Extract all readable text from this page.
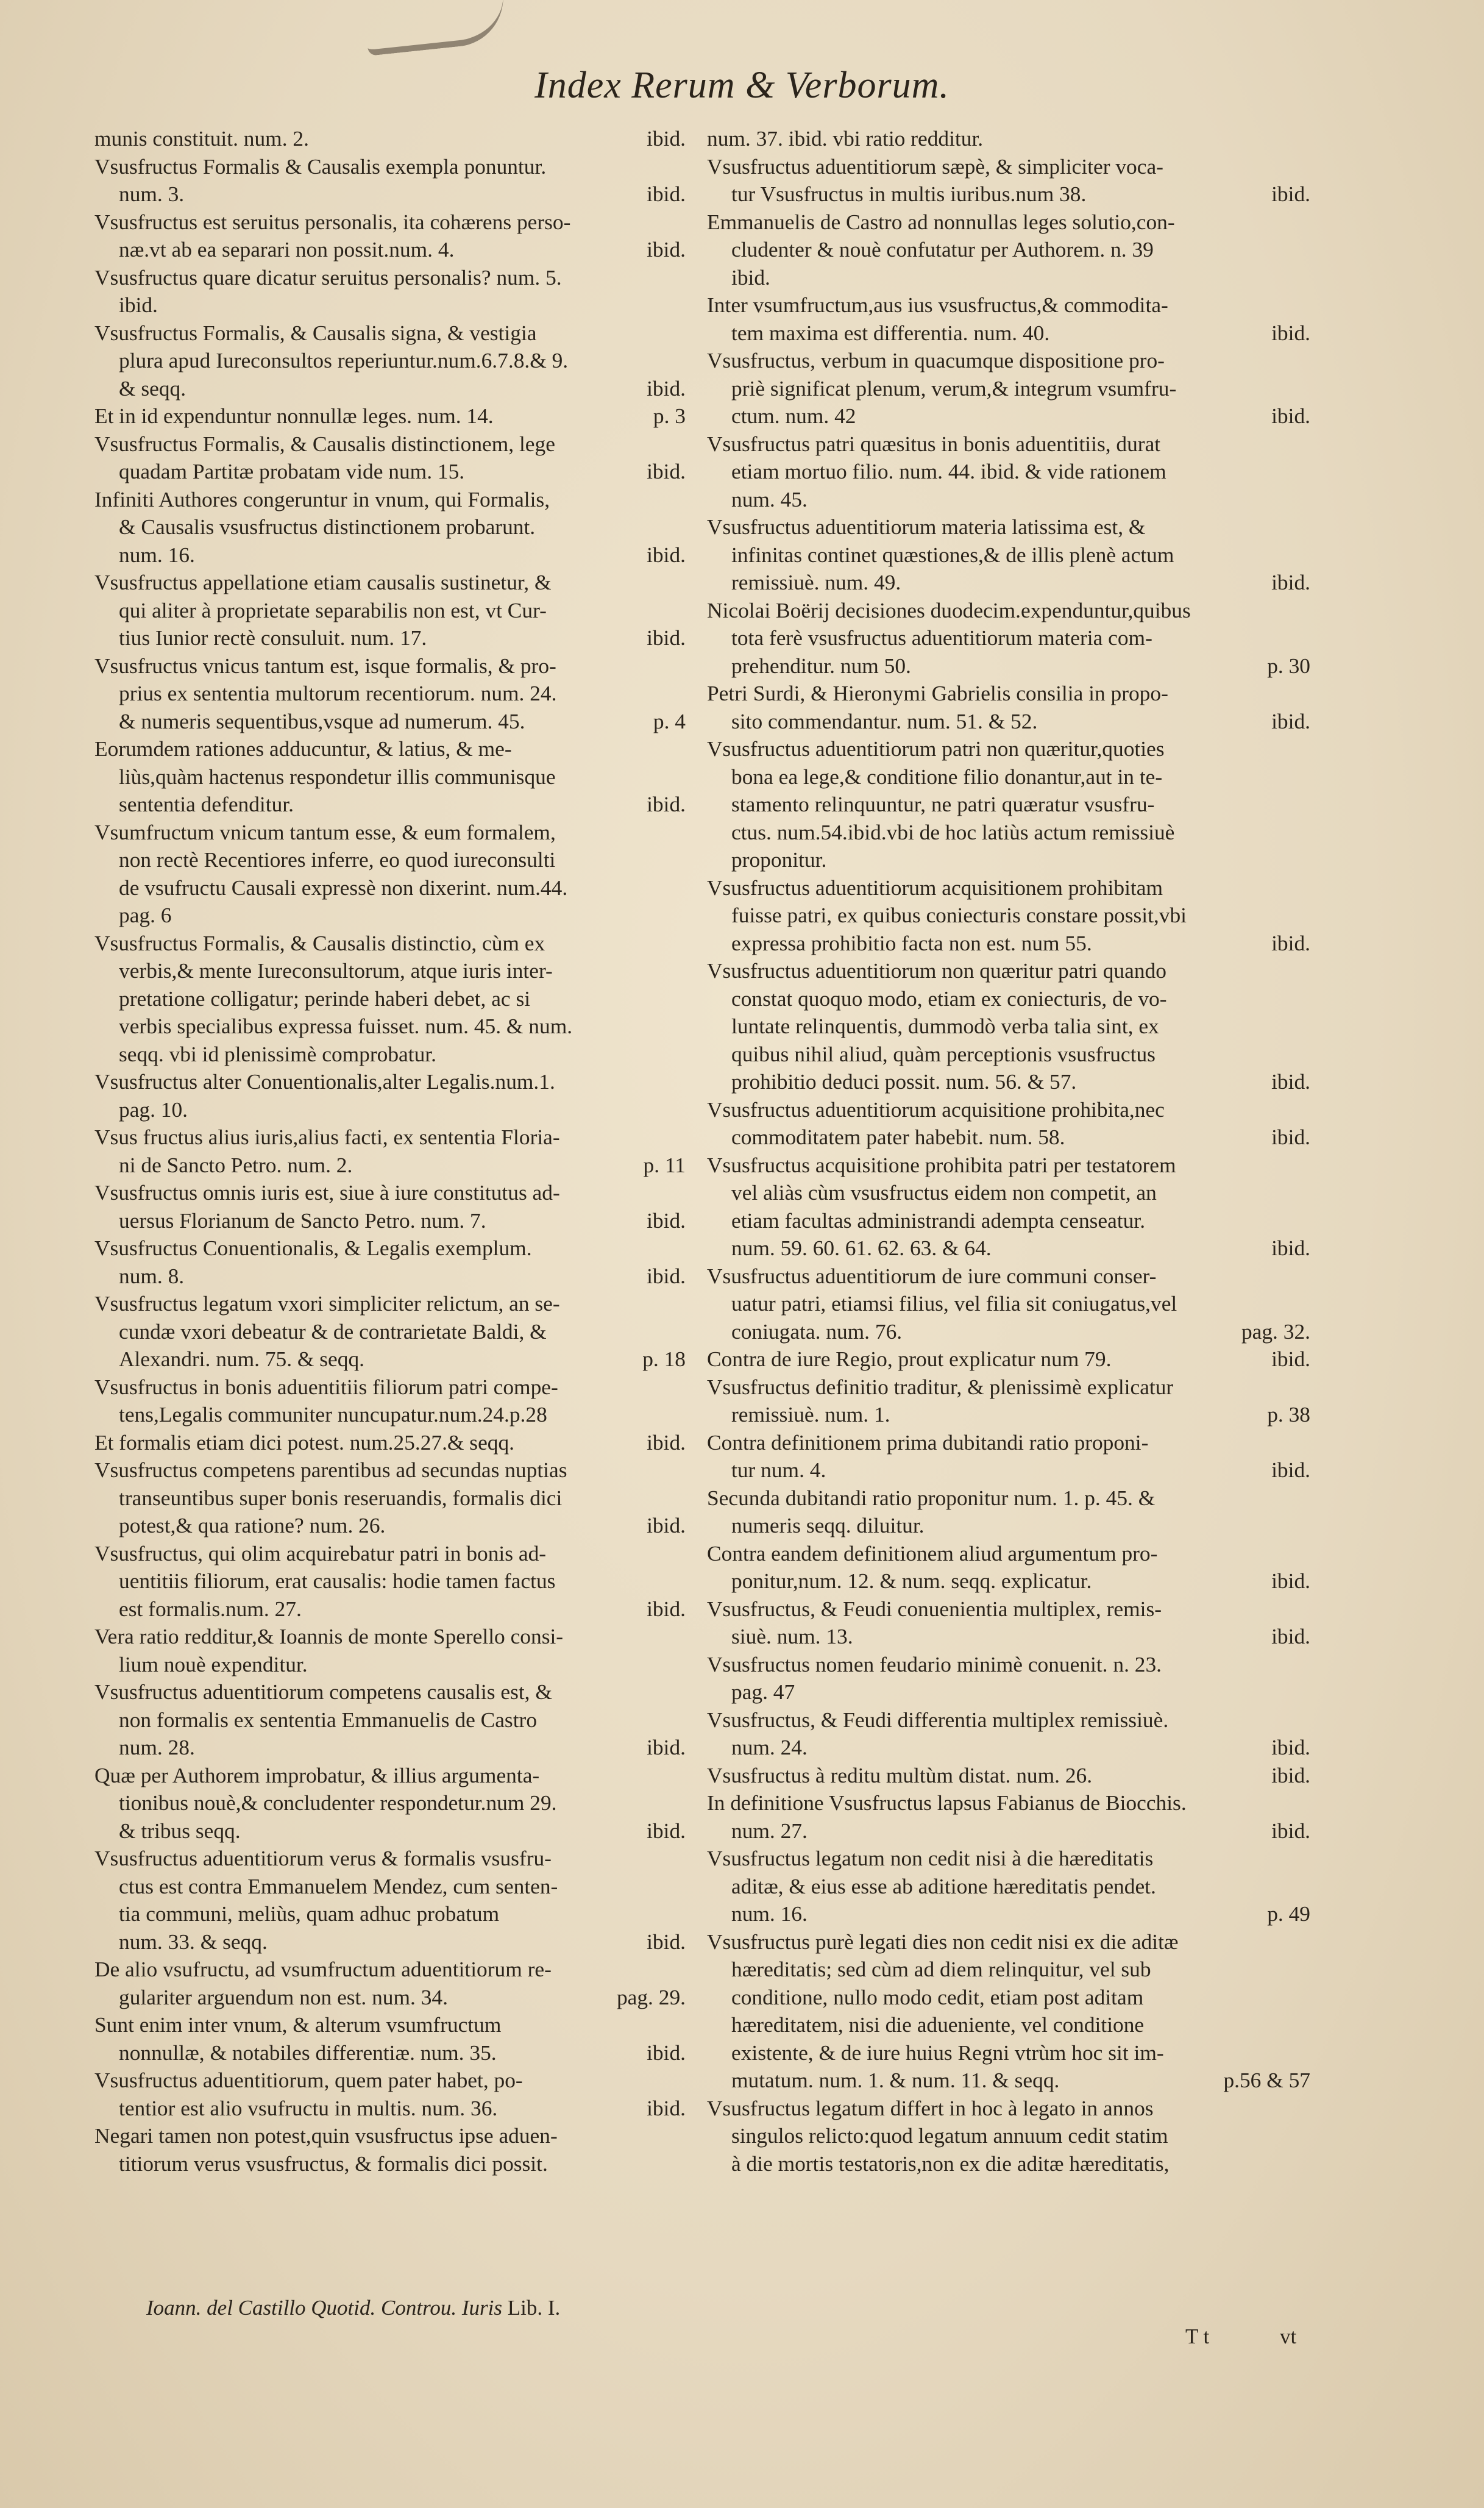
Index Rerum & Verborum.
munis constituit. num. 2.	ibid.
Vsusfructus Formalis & Causalis exempla ponuntur.
num. 3.	ibid.
Vsusfructus est seruitus personalis, ita cohærens perso-
næ.vt ab ea separari non possit.num. 4.	ibid.
Vsusfructus quare dicatur seruitus personalis? num. 5.
ibid.
Vsusfructus Formalis, & Causalis signa, & vestigia
plura apud Iureconsultos reperiuntur.num.6.7.8.& 9.
& seqq.	ibid.
Et in id expenduntur nonnullæ leges. num. 14.	p. 3
Vsusfructus Formalis, & Causalis distinctionem, lege
quadam Partitæ probatam vide num. 15.	ibid.
Infiniti Authores congeruntur in vnum, qui Formalis,
& Causalis vsusfructus distinctionem probarunt.
num. 16.	ibid.
Vsusfructus appellatione etiam causalis sustinetur, &
qui aliter à proprietate separabilis non est, vt Cur-
tius Iunior rectè consuluit. num. 17.	ibid.
Vsusfructus vnicus tantum est, isque formalis, & pro-
prius ex sententia multorum recentiorum. num. 24.
& numeris sequentibus,vsque ad numerum. 45.	p. 4
Eorumdem rationes adducuntur, & latius, & me-
liùs,quàm hactenus respondetur illis communisque
sententia defenditur.	ibid.
Vsumfructum vnicum tantum esse, & eum formalem,
non rectè Recentiores inferre, eo quod iureconsulti
de vsufructu Causali expressè non dixerint. num.44.
pag. 6
Vsusfructus Formalis, & Causalis distinctio, cùm ex
verbis,& mente Iureconsultorum, atque iuris inter-
pretatione colligatur; perinde haberi debet, ac si
verbis specialibus expressa fuisset. num. 45. & num.
seqq. vbi id plenissimè comprobatur.
Vsusfructus alter Conuentionalis,alter Legalis.num.1.
pag. 10.
Vsus fructus alius iuris,alius facti, ex sententia Floria-
ni de Sancto Petro. num. 2.	p. 11
Vsusfructus omnis iuris est, siue à iure constitutus ad-
uersus Florianum de Sancto Petro. num. 7.	ibid.
Vsusfructus Conuentionalis, & Legalis exemplum.
num. 8.	ibid.
Vsusfructus legatum vxori simpliciter relictum, an se-
cundæ vxori debeatur & de contrarietate Baldi, &
Alexandri. num. 75. & seqq.	p. 18
Vsusfructus in bonis aduentitiis filiorum patri compe-
tens,Legalis communiter nuncupatur.num.24.p.28
Et formalis etiam dici potest. num.25.27.& seqq.	ibid.
Vsusfructus competens parentibus ad secundas nuptias
transeuntibus super bonis reseruandis, formalis dici
potest,& qua ratione? num. 26.	ibid.
Vsusfructus, qui olim acquirebatur patri in bonis ad-
uentitiis filiorum, erat causalis: hodie tamen factus
est formalis.num. 27.	ibid.
Vera ratio redditur,& Ioannis de monte Sperello consi-
lium nouè expenditur.
Vsusfructus aduentitiorum competens causalis est, &
non formalis ex sententia Emmanuelis de Castro
num. 28.	ibid.
Quæ per Authorem improbatur, & illius argumenta-
tionibus nouè,& concludenter respondetur.num 29.
& tribus seqq.	ibid.
Vsusfructus aduentitiorum verus & formalis vsusfru-
ctus est contra Emmanuelem Mendez, cum senten-
tia communi, meliùs, quam adhuc probatum
num. 33. & seqq.	ibid.
De alio vsufructu, ad vsumfructum aduentitiorum re-
gulariter arguendum non est. num. 34.	pag. 29.
Sunt enim inter vnum, & alterum vsumfructum
nonnullæ, & notabiles differentiæ. num. 35.	ibid.
Vsusfructus aduentitiorum, quem pater habet, po-
tentior est alio vsufructu in multis. num. 36.	ibid.
Negari tamen non potest,quin vsusfructus ipse aduen-
titiorum verus vsusfructus, & formalis dici possit.
num. 37. ibid. vbi ratio redditur.
Vsusfructus aduentitiorum sæpè, & simpliciter voca-
tur Vsusfructus in multis iuribus.num 38.	ibid.
Emmanuelis de Castro ad nonnullas leges solutio,con-
cludenter & nouè confutatur per Authorem. n. 39
ibid.
Inter vsumfructum,aus ius vsusfructus,& commodita-
tem maxima est differentia. num. 40.	ibid.
Vsusfructus, verbum in quacumque dispositione pro-
priè significat plenum, verum,& integrum vsumfru-
ctum. num. 42	ibid.
Vsusfructus patri quæsitus in bonis aduentitiis, durat
etiam mortuo filio. num. 44. ibid. & vide rationem
num. 45.
Vsusfructus aduentitiorum materia latissima est, &
infinitas continet quæstiones,& de illis plenè actum
remissiuè. num. 49.	ibid.
Nicolai Boërij decisiones duodecim.expenduntur,quibus
tota ferè vsusfructus aduentitiorum materia com-
prehenditur. num 50.	p. 30
Petri Surdi, & Hieronymi Gabrielis consilia in propo-
sito commendantur. num. 51. & 52.	ibid.
Vsusfructus aduentitiorum patri non quæritur,quoties
bona ea lege,& conditione filio donantur,aut in te-
stamento relinquuntur, ne patri quæratur vsusfru-
ctus. num.54.ibid.vbi de hoc latiùs actum remissiuè
proponitur.
Vsusfructus aduentitiorum acquisitionem prohibitam
fuisse patri, ex quibus coniecturis constare possit,vbi
expressa prohibitio facta non est. num 55.	ibid.
Vsusfructus aduentitiorum non quæritur patri quando
constat quoquo modo, etiam ex coniecturis, de vo-
luntate relinquentis, dummodò verba talia sint, ex
quibus nihil aliud, quàm perceptionis vsusfructus
prohibitio deduci possit. num. 56. & 57.	ibid.
Vsusfructus aduentitiorum acquisitione prohibita,nec
commoditatem pater habebit. num. 58.	ibid.
Vsusfructus acquisitione prohibita patri per testatorem
vel aliàs cùm vsusfructus eidem non competit, an
etiam facultas administrandi adempta censeatur.
num. 59. 60. 61. 62. 63. & 64.	ibid.
Vsusfructus aduentitiorum de iure communi conser-
uatur patri, etiamsi filius, vel filia sit coniugatus,vel
coniugata. num. 76.	pag. 32.
Contra de iure Regio, prout explicatur num 79.	ibid.
Vsusfructus definitio traditur, & plenissimè explicatur
remissiuè. num. 1.	p. 38
Contra definitionem prima dubitandi ratio proponi-
tur num. 4.	ibid.
Secunda dubitandi ratio proponitur num. 1. p. 45. &
numeris seqq. diluitur.
Contra eandem definitionem aliud argumentum pro-
ponitur,num. 12. & num. seqq. explicatur.	ibid.
Vsusfructus, & Feudi conuenientia multiplex, remis-
siuè. num. 13.	ibid.
Vsusfructus nomen feudario minimè conuenit. n. 23.
pag. 47
Vsusfructus, & Feudi differentia multiplex remissiuè.
num. 24.	ibid.
Vsusfructus à reditu multùm distat. num. 26.	ibid.
In definitione Vsusfructus lapsus Fabianus de Biocchis.
num. 27.	ibid.
Vsusfructus legatum non cedit nisi à die hæreditatis
aditæ, & eius esse ab aditione hæreditatis pendet.
num. 16.	p. 49
Vsusfructus purè legati dies non cedit nisi ex die aditæ
hæreditatis; sed cùm ad diem relinquitur, vel sub
conditione, nullo modo cedit, etiam post aditam
hæreditatem, nisi die adueniente, vel conditione
existente, & de iure huius Regni vtrùm hoc sit im-
mutatum. num. 1. & num. 11. & seqq.	p.56 & 57
Vsusfructus legatum differt in hoc à legato in annos
singulos relicto:quod legatum annuum cedit statim
à die mortis testatoris,non ex die aditæ hæreditatis,
Ioann. del Castillo Quotid. Controu. Iuris Lib. I.
T t	vt
